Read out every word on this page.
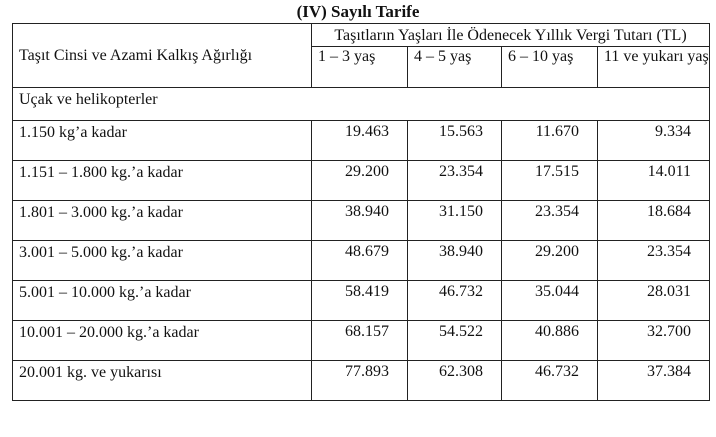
(IV) Sayılı Tarife
Taşıt Cinsi ve Azami Kalkış Ağırlığı	Taşıtların Yaşları İle Ödenecek Yıllık Vergi Tutarı (TL)			
	1 – 3 yaş	4 – 5 yaş	6 – 10 yaş	11 ve yukarı yaş
Uçak ve helikopterler				
1.150 kg’a kadar	19.463	15.563	11.670	9.334
1.151 – 1.800 kg.’a kadar	29.200	23.354	17.515	14.011
1.801 – 3.000 kg.’a kadar	38.940	31.150	23.354	18.684
3.001 – 5.000 kg.’a kadar	48.679	38.940	29.200	23.354
5.001 – 10.000 kg.’a kadar	58.419	46.732	35.044	28.031
10.001 – 20.000 kg.’a kadar	68.157	54.522	40.886	32.700
20.001 kg. ve yukarısı	77.893	62.308	46.732	37.384
